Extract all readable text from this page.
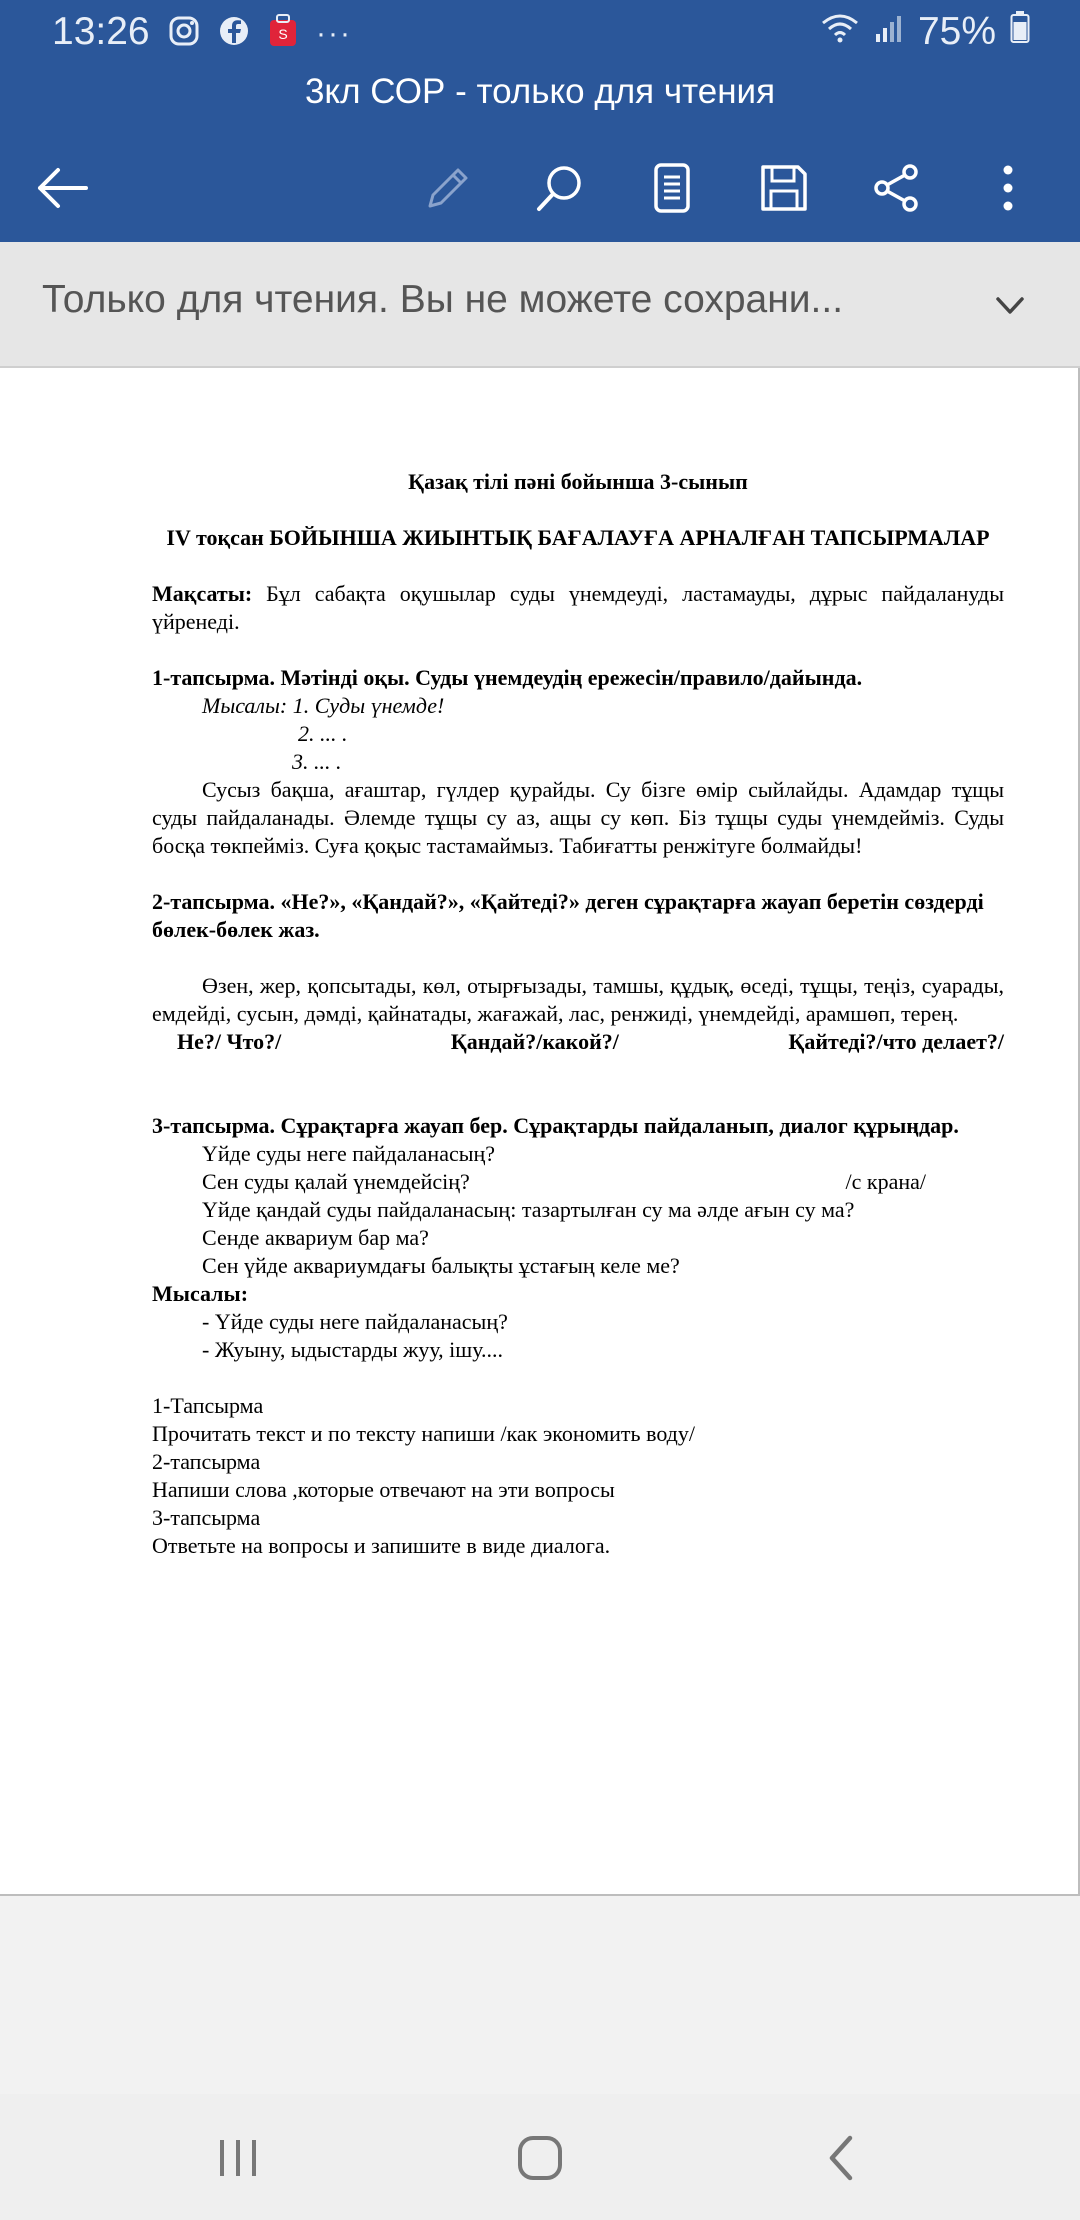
13:26	S ···	75%
3кл СОР - только для чтения
Только для чтения. Вы не можете сохрани...

Қазақ тілі пәні бойынша 3-сынып

IV тоқсан БОЙЫНША ЖИЫНТЫҚ БАҒАЛАУҒА АРНАЛҒАН ТАПСЫРМАЛАР

Мақсаты: Бұл сабақта оқушылар суды үнемдеуді, ластамауды, дұрыс пайдалануды үйренеді.

1-тапсырма. Мәтінді оқы. Суды үнемдеудің ережесін/правило/дайында.

Мысалы: 1. Суды үнемде!

2. ... .

3. ... .

Сусыз бақша, ағаштар, гүлдер қурайды. Су бізге өмір сыйлайды. Адамдар тұщы суды пайдаланады. Әлемде тұщы су аз, ащы су көп. Біз тұщы суды үнемдейміз. Суды босқа төкпейміз. Суға қоқыс тастамаймыз. Табиғатты ренжітуге болмайды!

2-тапсырма. «Не?», «Қандай?», «Қайтеді?» деген сұрақтарға жауап беретін сөздерді бөлек-бөлек жаз.

Өзен, жер, қопсытады, көл, отырғызады, тамшы, құдық, өседі, тұщы, теңіз, суарады, емдейді, сусын, дәмді, қайнатады, жағажай, лас, ренжиді, үнемдейді, арамшөп, терең.

Не?/ Что?/	Қандай?/какой?/	Қайтеді?/что делает?/

3-тапсырма. Сұрақтарға жауап бер. Сұрақтарды пайдаланып, диалог құрыңдар.

Үйде суды неге пайдаланасың?

Сен суды қалай үнемдейсің?	/с крана/

Үйде қандай суды пайдаланасың: тазартылған су ма әлде ағын су ма?

Сенде аквариум бар ма?

Сен үйде аквариумдағы балықты ұстағың келе ме?

Мысалы:

- Үйде суды неге пайдаланасың?

- Жуыну, ыдыстарды жуу, ішу....

1-Тапсырма

Прочитать текст и по тексту напиши /как экономить воду/

2-тапсырма

Напиши слова ,которые отвечают на эти вопросы

3-тапсырма

Ответьте на вопросы и запишите в виде диалога.
